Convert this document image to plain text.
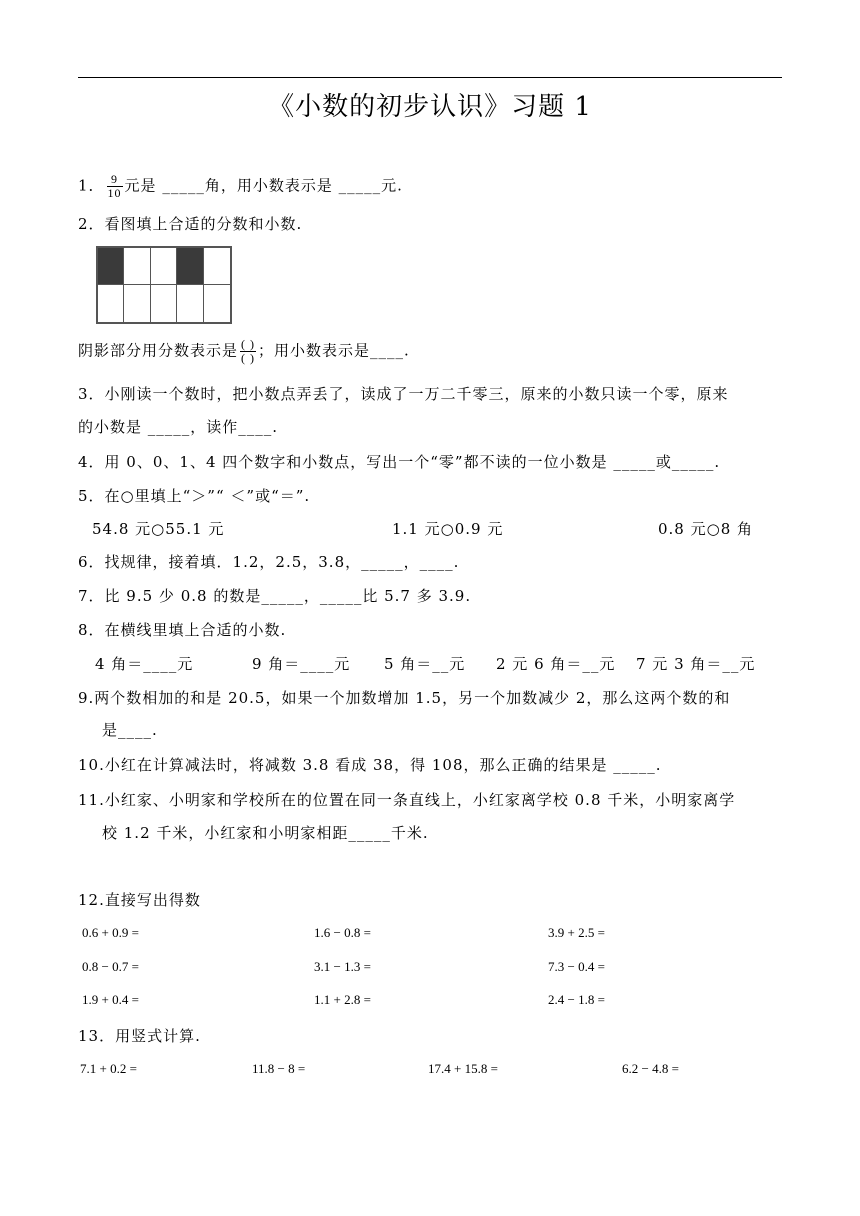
《小数的初步认识》习题 1
1． $\frac{9}{10}$ 元是 _____角，用小数表示是 _____元.
2．看图填上合适的分数和小数.
阴影部分用分数表示是 $\frac{( )}{( )}$ ；用小数表示是____.
3．小刚读一个数时，把小数点弄丢了，读成了一万二千零三，原来的小数只读一个零，原来
的小数是 _____，读作____.
4．用 0、0、1、4 四个数字和小数点，写出一个“零”都不读的一位小数是 _____或_____.
5．在○里填上“＞”“ ＜”或“＝”.
54.8 元○55.1 元	1.1 元○0.9 元	0.8 元○8 角
6．找规律，接着填．1.2，2.5，3.8，_____，____.
7．比 9.5 少 0.8 的数是_____，_____比 5.7 多 3.9.
8．在横线里填上合适的小数.
4 角＝____元	9 角＝____元 5 角＝__元 2 元 6 角＝__元 7 元 3 角＝__元
9.两个数相加的和是 20.5，如果一个加数增加 1.5，另一个加数减少 2，那么这两个数的和
是____.
10.小红在计算减法时，将减数 3.8 看成 38，得 108，那么正确的结果是 _____.
11.小红家、小明家和学校所在的位置在同一条直线上，小红家离学校 0.8 千米，小明家离学
校 1.2 千米，小红家和小明家相距_____千米.
12.直接写出得数
0.6 + 0.9 =	1.6 − 0.8 =	3.9 + 2.5 =
0.8 − 0.7 =	3.1 − 1.3 =	7.3 − 0.4 =
1.9 + 0.4 =	1.1 + 2.8 =	2.4 − 1.8 =
13．用竖式计算.
7.1 + 0.2 =	11.8 − 8 =	17.4 + 15.8 =	6.2 − 4.8 =
